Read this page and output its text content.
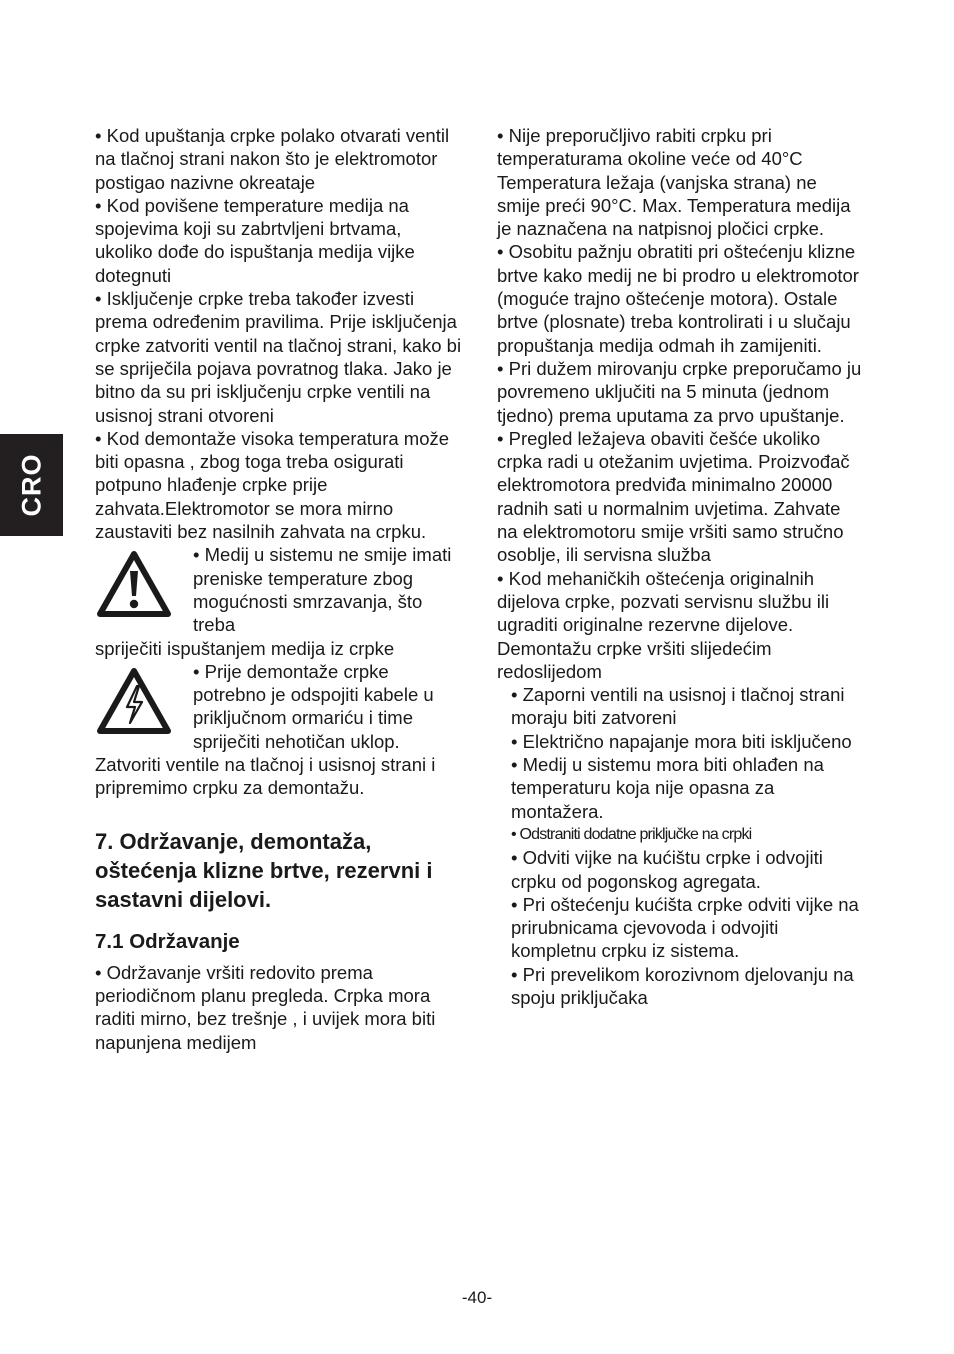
CRO

• Kod upuštanja crpke polako otvarati ventil na tlačnoj strani nakon što je elektromotor postigao nazivne okreataje

• Kod povišene temperature medija na spojevima koji su zabrtvljeni brtvama, ukoliko dođe do ispuštanja medija vijke dotegnuti

• Isključenje crpke treba također izvesti prema određenim pravilima. Prije isključenja crpke zatvoriti ventil na tlačnoj strani, kako bi se spriječila pojava povratnog tlaka. Jako je bitno da su pri isključenju crpke ventili na usisnoj strani otvoreni

• Kod demontaže visoka temperatura može biti opasna , zbog toga treba osigurati potpuno hlađenje crpke prije zahvata.Elektromotor se mora mirno zaustaviti bez nasilnih zahvata na crpku.

• Medij u sistemu ne smije imati preniske temperature zbog mogućnosti smrzavanja, što treba

spriječiti ispuštanjem medija iz crpke

• Prije demontaže crpke potrebno je odspojiti kabele u priključnom ormariću i time spriječiti nehotičan uklop.

Zatvoriti ventile na tlačnoj i usisnoj strani i pripremimo crpku za demontažu.

7. Održavanje, demontaža, oštećenja klizne brtve, rezervni i sastavni dijelovi.
7.1 Održavanje

• Održavanje vršiti redovito prema periodičnom planu pregleda. Crpka mora raditi mirno, bez trešnje , i uvijek mora biti napunjena medijem

• Nije preporučljivo rabiti crpku pri temperaturama okoline veće od 40°C Temperatura ležaja (vanjska strana) ne smije preći 90°C. Max. Temperatura medija je naznačena na natpisnoj pločici crpke.

• Osobitu pažnju obratiti pri oštećenju klizne brtve kako medij ne bi prodro u elektromotor (moguće trajno oštećenje motora). Ostale brtve (plosnate) treba kontrolirati i u slučaju propuštanja medija odmah ih zamijeniti.

• Pri dužem mirovanju crpke preporučamo ju povremeno uključiti na 5 minuta (jednom tjedno) prema uputama za prvo upuštanje.

• Pregled ležajeva obaviti češće ukoliko crpka radi u otežanim uvjetima. Proizvođač elektromotora predviđa minimalno 20000 radnih sati u normalnim uvjetima. Zahvate na elektromotoru smije vršiti samo stručno osoblje, ili servisna služba

• Kod mehaničkih oštećenja originalnih dijelova crpke, pozvati servisnu službu ili ugraditi originalne rezervne dijelove. Demontažu crpke vršiti slijedećim redoslijedom

• Zaporni ventili na usisnoj i tlačnoj strani moraju biti zatvoreni

• Električno napajanje mora biti isključeno

• Medij u sistemu mora biti ohlađen na temperaturu koja nije opasna za montažera.

• Odstraniti dodatne priključke na crpki

• Odviti vijke na kućištu crpke i odvojiti crpku od pogonskog agregata.

• Pri oštećenju kućišta crpke odviti vijke na prirubnicama cjevovoda i odvojiti kompletnu crpku iz sistema.

• Pri prevelikom korozivnom djelovanju na spoju priključaka

-40-
